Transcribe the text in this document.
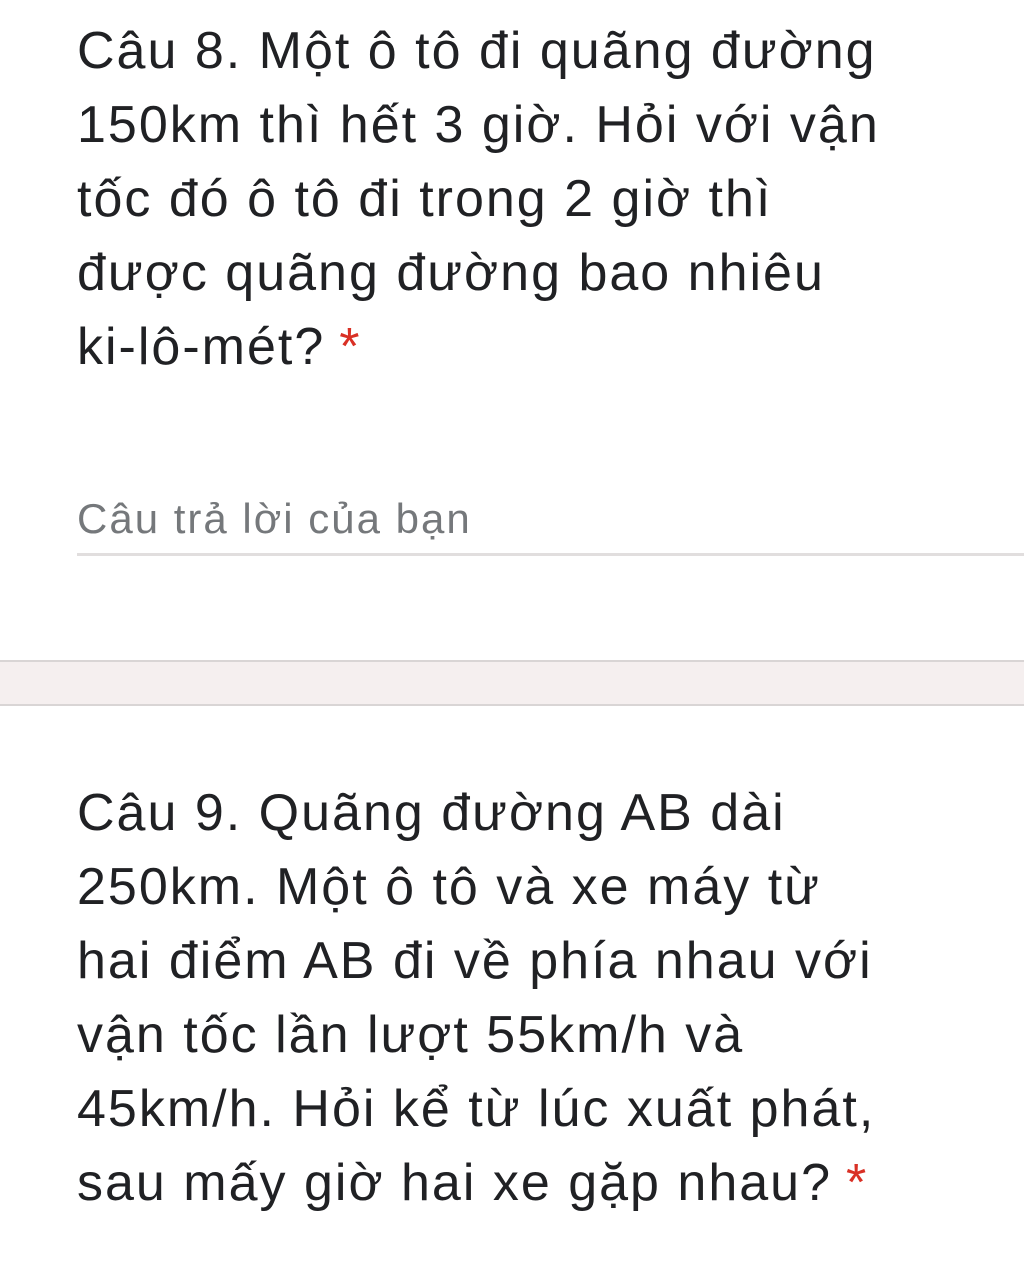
Câu 8. Một ô tô đi quãng đường
150km thì hết 3 giờ. Hỏi với vận
tốc đó ô tô đi trong 2 giờ thì
được quãng đường bao nhiêu
ki-lô-mét? *
Câu trả lời của bạn
Câu 9. Quãng đường AB dài
250km. Một ô tô và xe máy từ
hai điểm AB đi về phía nhau với
vận tốc lần lượt 55km/h và
45km/h. Hỏi kể từ lúc xuất phát,
sau mấy giờ hai xe gặp nhau? *
